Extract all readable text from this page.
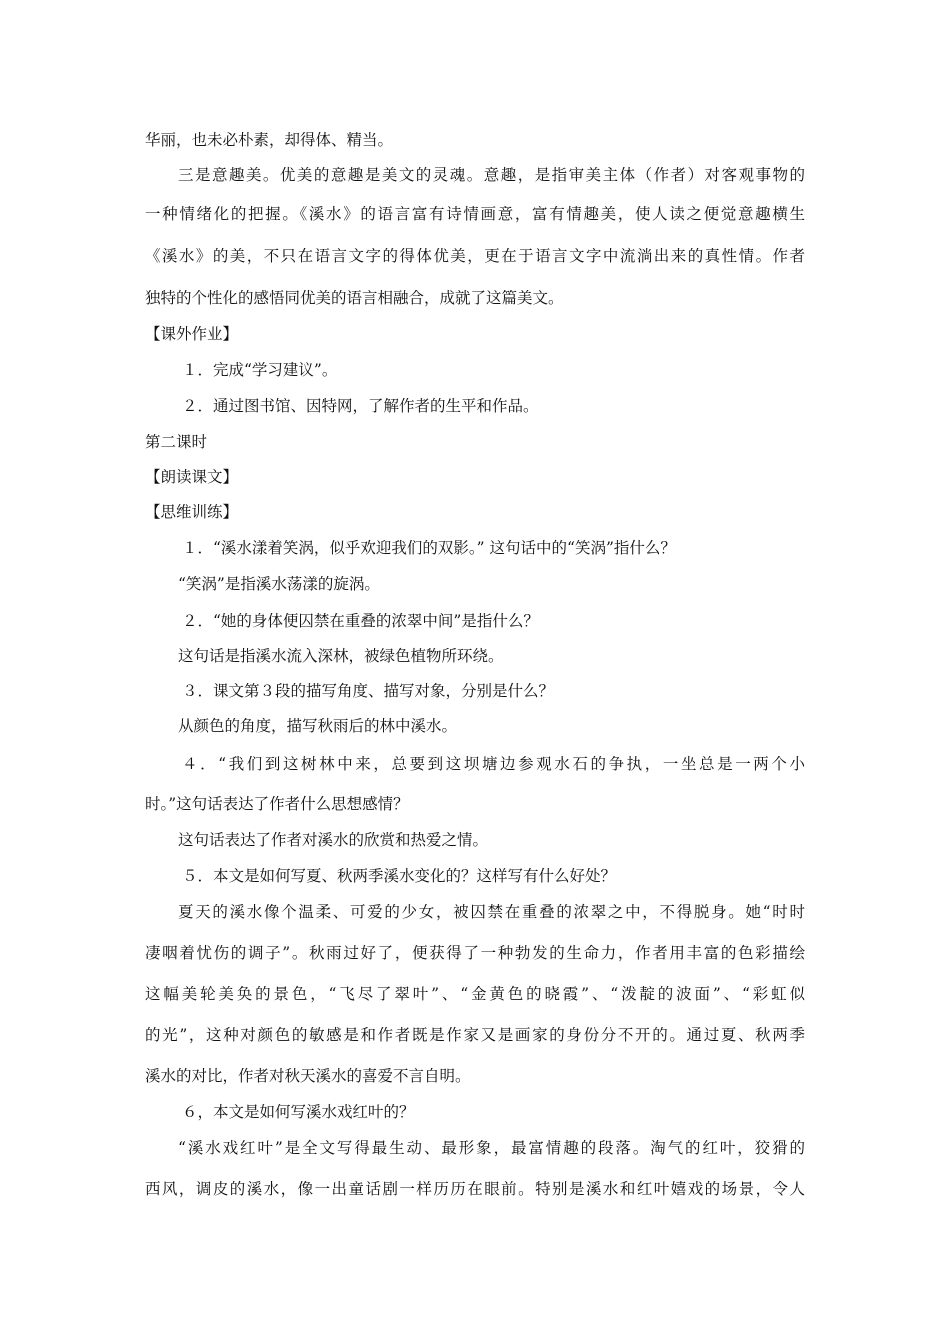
华丽，也未必朴素，却得体、精当。
三是意趣美。优美的意趣是美文的灵魂。意趣，是指审美主体（作者）对客观事物的
一种情绪化的把握。《溪水》的语言富有诗情画意，富有情趣美，使人读之便觉意趣横生
《溪水》的美，不只在语言文字的得体优美，更在于语言文字中流淌出来的真性情。作者
独特的个性化的感悟同优美的语言相融合，成就了这篇美文。
【课外作业】
１．完成“学习建议”。
２．通过图书馆、因特网，了解作者的生平和作品。
第二课时
【朗读课文】
【思维训练】
１．“溪水漾着笑涡，似乎欢迎我们的双影。” 这句话中的“笑涡”指什么？
“笑涡”是指溪水荡漾的旋涡。
２．“她的身体便囚禁在重叠的浓翠中间”是指什么？
这句话是指溪水流入深林，被绿色植物所环绕。
３．课文第３段的描写角度、描写对象，分别是什么？
从颜色的角度，描写秋雨后的林中溪水。
４．“我们到这树林中来，总要到这坝塘边参观水石的争执，一坐总是一两个小
时。”这句话表达了作者什么思想感情？
这句话表达了作者对溪水的欣赏和热爱之情。
５．本文是如何写夏、秋两季溪水变化的？这样写有什么好处？
夏天的溪水像个温柔、可爱的少女，被囚禁在重叠的浓翠之中，不得脱身。她“时时
凄咽着忧伤的调子”。秋雨过好了，便获得了一种勃发的生命力，作者用丰富的色彩描绘
这幅美轮美奂的景色，“飞尽了翠叶”、“金黄色的晓霞”、“泼靛的波面”、“彩虹似
的光”，这种对颜色的敏感是和作者既是作家又是画家的身份分不开的。通过夏、秋两季
溪水的对比，作者对秋天溪水的喜爱不言自明。
６，本文是如何写溪水戏红叶的？
“溪水戏红叶”是全文写得最生动、最形象，最富情趣的段落。淘气的红叶，狡猾的
西风，调皮的溪水，像一出童话剧一样历历在眼前。特别是溪水和红叶嬉戏的场景，令人
